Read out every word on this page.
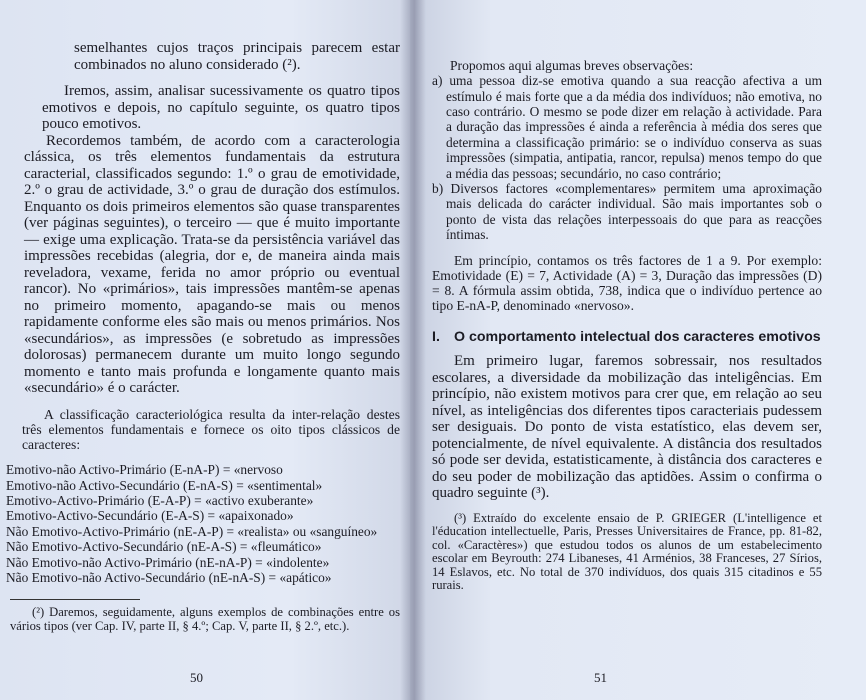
semelhantes cujos traços principais parecem estar combinados no aluno considerado (²).

Iremos, assim, analisar sucessivamente os quatro tipos emotivos e depois, no capítulo seguinte, os quatro tipos pouco emotivos.

Recordemos também, de acordo com a caracterologia clássica, os três elementos fundamentais da estrutura caracterial, classificados segundo: 1.º o grau de emotividade, 2.º o grau de actividade, 3.º o grau de duração dos estímulos. Enquanto os dois primeiros elementos são quase transparentes (ver páginas seguintes), o terceiro — que é muito importante — exige uma explicação. Trata-se da persistência variável das impressões recebidas (alegria, dor e, de maneira ainda mais reveladora, vexame, ferida no amor próprio ou eventual rancor). No «primários», tais impressões mantêm-se apenas no primeiro momento, apagando-se mais ou menos rapidamente conforme eles são mais ou menos primários. Nos «secundários», as impressões (e sobretudo as impressões dolorosas) permanecem durante um muito longo segundo momento e tanto mais profunda e longamente quanto mais «secundário» é o carácter.

A classificação caracteriológica resulta da inter-relação destes três elementos fundamentais e fornece os oito tipos clássicos de caracteres:

Emotivo-não Activo-Primário (E-nA-P) = «nervoso
Emotivo-não Activo-Secundário (E-nA-S) = «sentimental»
Emotivo-Activo-Primário (E-A-P) = «activo exuberante»
Emotivo-Activo-Secundário (E-A-S) = «apaixonado»
Não Emotivo-Activo-Primário (nE-A-P) = «realista» ou «sanguíneo»
Não Emotivo-Activo-Secundário (nE-A-S) = «fleumático»
Não Emotivo-não Activo-Primário (nE-nA-P) = «indolente»
Não Emotivo-não Activo-Secundário (nE-nA-S) = «apático»

(²) Daremos, seguidamente, alguns exemplos de combinações entre os vários tipos (ver Cap. IV, parte II, § 4.º; Cap. V, parte II, § 2.º, etc.).

50

Propomos aqui algumas breves observações:

a) uma pessoa diz-se emotiva quando a sua reacção afectiva a um estímulo é mais forte que a da média dos indivíduos; não emotiva, no caso contrário. O mesmo se pode dizer em relação à actividade. Para a duração das impressões é ainda a referência à média dos seres que determina a classificação primário: se o indivíduo conserva as suas impressões (simpatia, antipatia, rancor, repulsa) menos tempo do que a média das pessoas; secundário, no caso contrário;

b) Diversos factores «complementares» permitem uma aproximação mais delicada do carácter individual. São mais importantes sob o ponto de vista das relações interpessoais do que para as reacções íntimas.

Em princípio, contamos os três factores de 1 a 9. Por exemplo: Emotividade (E) = 7, Actividade (A) = 3, Duração das impressões (D) = 8. A fórmula assim obtida, 738, indica que o indivíduo pertence ao tipo E-nA-P, denominado «nervoso».

I. O comportamento intelectual dos caracteres emotivos

Em primeiro lugar, faremos sobressair, nos resultados escolares, a diversidade da mobilização das inteligências. Em princípio, não existem motivos para crer que, em relação ao seu nível, as inteligências dos diferentes tipos caracteriais pudessem ser desiguais. Do ponto de vista estatístico, elas devem ser, potencialmente, de nível equivalente. A distância dos resultados só pode ser devida, estatisticamente, à distância dos caracteres e do seu poder de mobilização das aptidões. Assim o confirma o quadro seguinte (³).

(³) Extraído do excelente ensaio de P. GRIEGER (L'intelligence et l'éducation intellectuelle, Paris, Presses Universitaires de France, pp. 81-82, col. «Caractères») que estudou todos os alunos de um estabelecimento escolar em Beyrouth: 274 Libaneses, 41 Arménios, 38 Franceses, 27 Sírios, 14 Eslavos, etc. No total de 370 indivíduos, dos quais 315 citadinos e 55 rurais.

51
